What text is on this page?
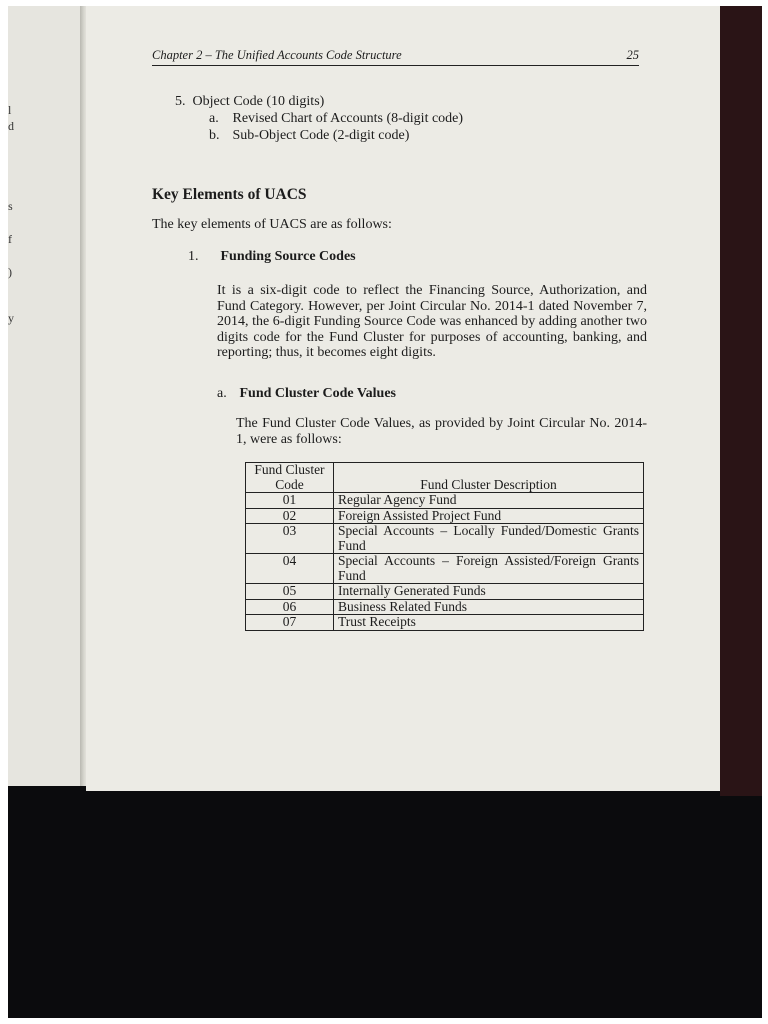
l
d
s
f
)
y
Chapter 2 – The Unified Accounts Code Structure	25
5.  Object Code (10 digits)
a. Revised Chart of Accounts (8-digit code)
b. Sub-Object Code (2-digit code)
Key Elements of UACS
The key elements of UACS are as follows:
1. Funding Source Codes
It is a six-digit code to reflect the Financing Source, Authorization, and Fund Category. However, per Joint Circular No. 2014-1 dated November 7, 2014, the 6-digit Funding Source Code was enhanced by adding another two digits code for the Fund Cluster for purposes of accounting, banking, and reporting; thus, it becomes eight digits.
a. Fund Cluster Code Values
The Fund Cluster Code Values, as provided by Joint Circular No. 2014-1, were as follows:
Fund Cluster Code	Fund Cluster Description
01	Regular Agency Fund
02	Foreign Assisted Project Fund
03	Special Accounts – Locally Funded/Domestic Grants Fund
04	Special Accounts – Foreign Assisted/Foreign Grants Fund
05	Internally Generated Funds
06	Business Related Funds
07	Trust Receipts
